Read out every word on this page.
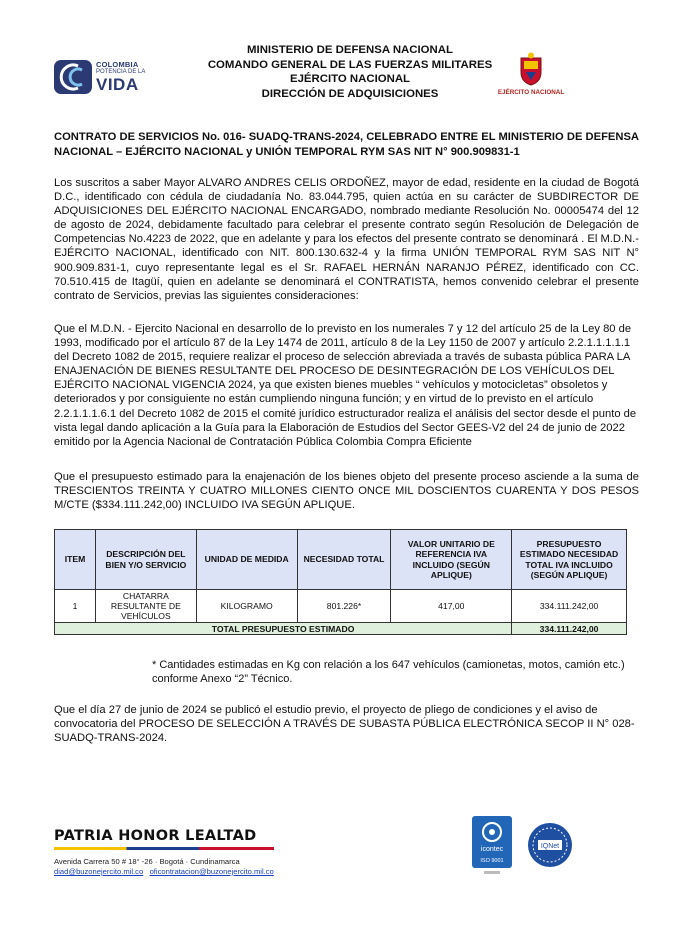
COLOMBIA
POTENCIA DE LA
VIDA
MINISTERIO DE DEFENSA NACIONAL
COMANDO GENERAL DE LAS FUERZAS MILITARES
EJÉRCITO NACIONAL
DIRECCIÓN DE ADQUISICIONES	EJÉRCITO NACIONAL
CONTRATO DE SERVICIOS No. 016- SUADQ-TRANS-2024, CELEBRADO ENTRE EL MINISTERIO DE DEFENSA NACIONAL – EJÉRCITO NACIONAL y UNIÓN TEMPORAL RYM SAS NIT N° 900.909831-1
Los suscritos a saber Mayor ALVARO ANDRES CELIS ORDOÑEZ, mayor de edad, residente en la ciudad de Bogotá D.C., identificado con cédula de ciudadanía No. 83.044.795, quien actúa en su carácter de SUBDIRECTOR DE ADQUISICIONES DEL EJÉRCITO NACIONAL ENCARGADO, nombrado mediante Resolución No. 00005474 del 12 de agosto de 2024, debidamente facultado para celebrar el presente contrato según Resolución de Delegación de Competencias No.4223 de 2022, que en adelante y para los efectos del presente contrato se denominará . El M.D.N.- EJÉRCITO NACIONAL, identificado con NIT. 800.130.632-4 y la firma UNIÓN TEMPORAL RYM SAS NIT N° 900.909.831-1, cuyo representante legal es el Sr. RAFAEL HERNÁN NARANJO PÉREZ, identificado con CC. 70.510.415 de Itagüí, quien en adelante se denominará el CONTRATISTA, hemos convenido celebrar el presente contrato de Servicios, previas las siguientes consideraciones:
Que el M.D.N. - Ejercito Nacional en desarrollo de lo previsto en los numerales 7 y 12 del artículo 25 de la Ley 80 de 1993, modificado por el artículo 87 de la Ley 1474 de 2011, artículo 8 de la Ley 1150 de 2007 y artículo 2.2.1.1.1.1.1 del Decreto 1082 de 2015, requiere realizar el proceso de selección abreviada a través de subasta pública PARA LA ENAJENACIÓN DE BIENES RESULTANTE DEL PROCESO DE DESINTEGRACIÓN DE LOS VEHÍCULOS DEL EJÉRCITO NACIONAL VIGENCIA 2024, ya que existen bienes muebles “ vehículos y motocicletas” obsoletos y deteriorados y por consiguiente no están cumpliendo ninguna función; y en virtud de lo previsto en el artículo 2.2.1.1.1.6.1 del Decreto 1082 de 2015 el comité jurídico estructurador realiza el análisis del sector desde el punto de vista legal dando aplicación a la Guía para la Elaboración de Estudios del Sector GEES-V2 del 24 de junio de 2022 emitido por la Agencia Nacional de Contratación Pública Colombia Compra Eficiente
Que el presupuesto estimado para la enajenación de los bienes objeto del presente proceso asciende a la suma de TRESCIENTOS TREINTA Y CUATRO MILLONES CIENTO ONCE MIL DOSCIENTOS CUARENTA Y DOS PESOS M/CTE ($334.111.242,00) INCLUIDO IVA SEGÚN APLIQUE.
ITEM	DESCRIPCIÓN DEL BIEN Y/O SERVICIO	UNIDAD DE MEDIDA	NECESIDAD TOTAL	VALOR UNITARIO DE REFERENCIA IVA INCLUIDO (SEGÚN APLIQUE)	PRESUPUESTO ESTIMADO NECESIDAD TOTAL IVA INCLUIDO (SEGÚN APLIQUE)
1	CHATARRA RESULTANTE DE VEHÍCULOS	KILOGRAMO	801.226*	417,00	334.111.242,00
TOTAL PRESUPUESTO ESTIMADO					334.111.242,00
* Cantidades estimadas en Kg con relación a los 647 vehículos (camionetas, motos, camión etc.) conforme Anexo “2” Técnico.
Que el día 27 de junio de 2024 se publicó el estudio previo, el proyecto de pliego de condiciones y el aviso de convocatoria del PROCESO DE SELECCIÓN A TRAVÉS DE SUBASTA PÚBLICA ELECTRÓNICA SECOP II N° 028- SUADQ-TRANS-2024.
PATRIA HONOR LEALTAD
Avenida Carrera 50 # 18° -26 · Bogotá · Cundinamarca
diad@buzonejercito.mil.co oficontratacion@buzonejercito.mil.co
icontec
ISO 9001
IQNet
